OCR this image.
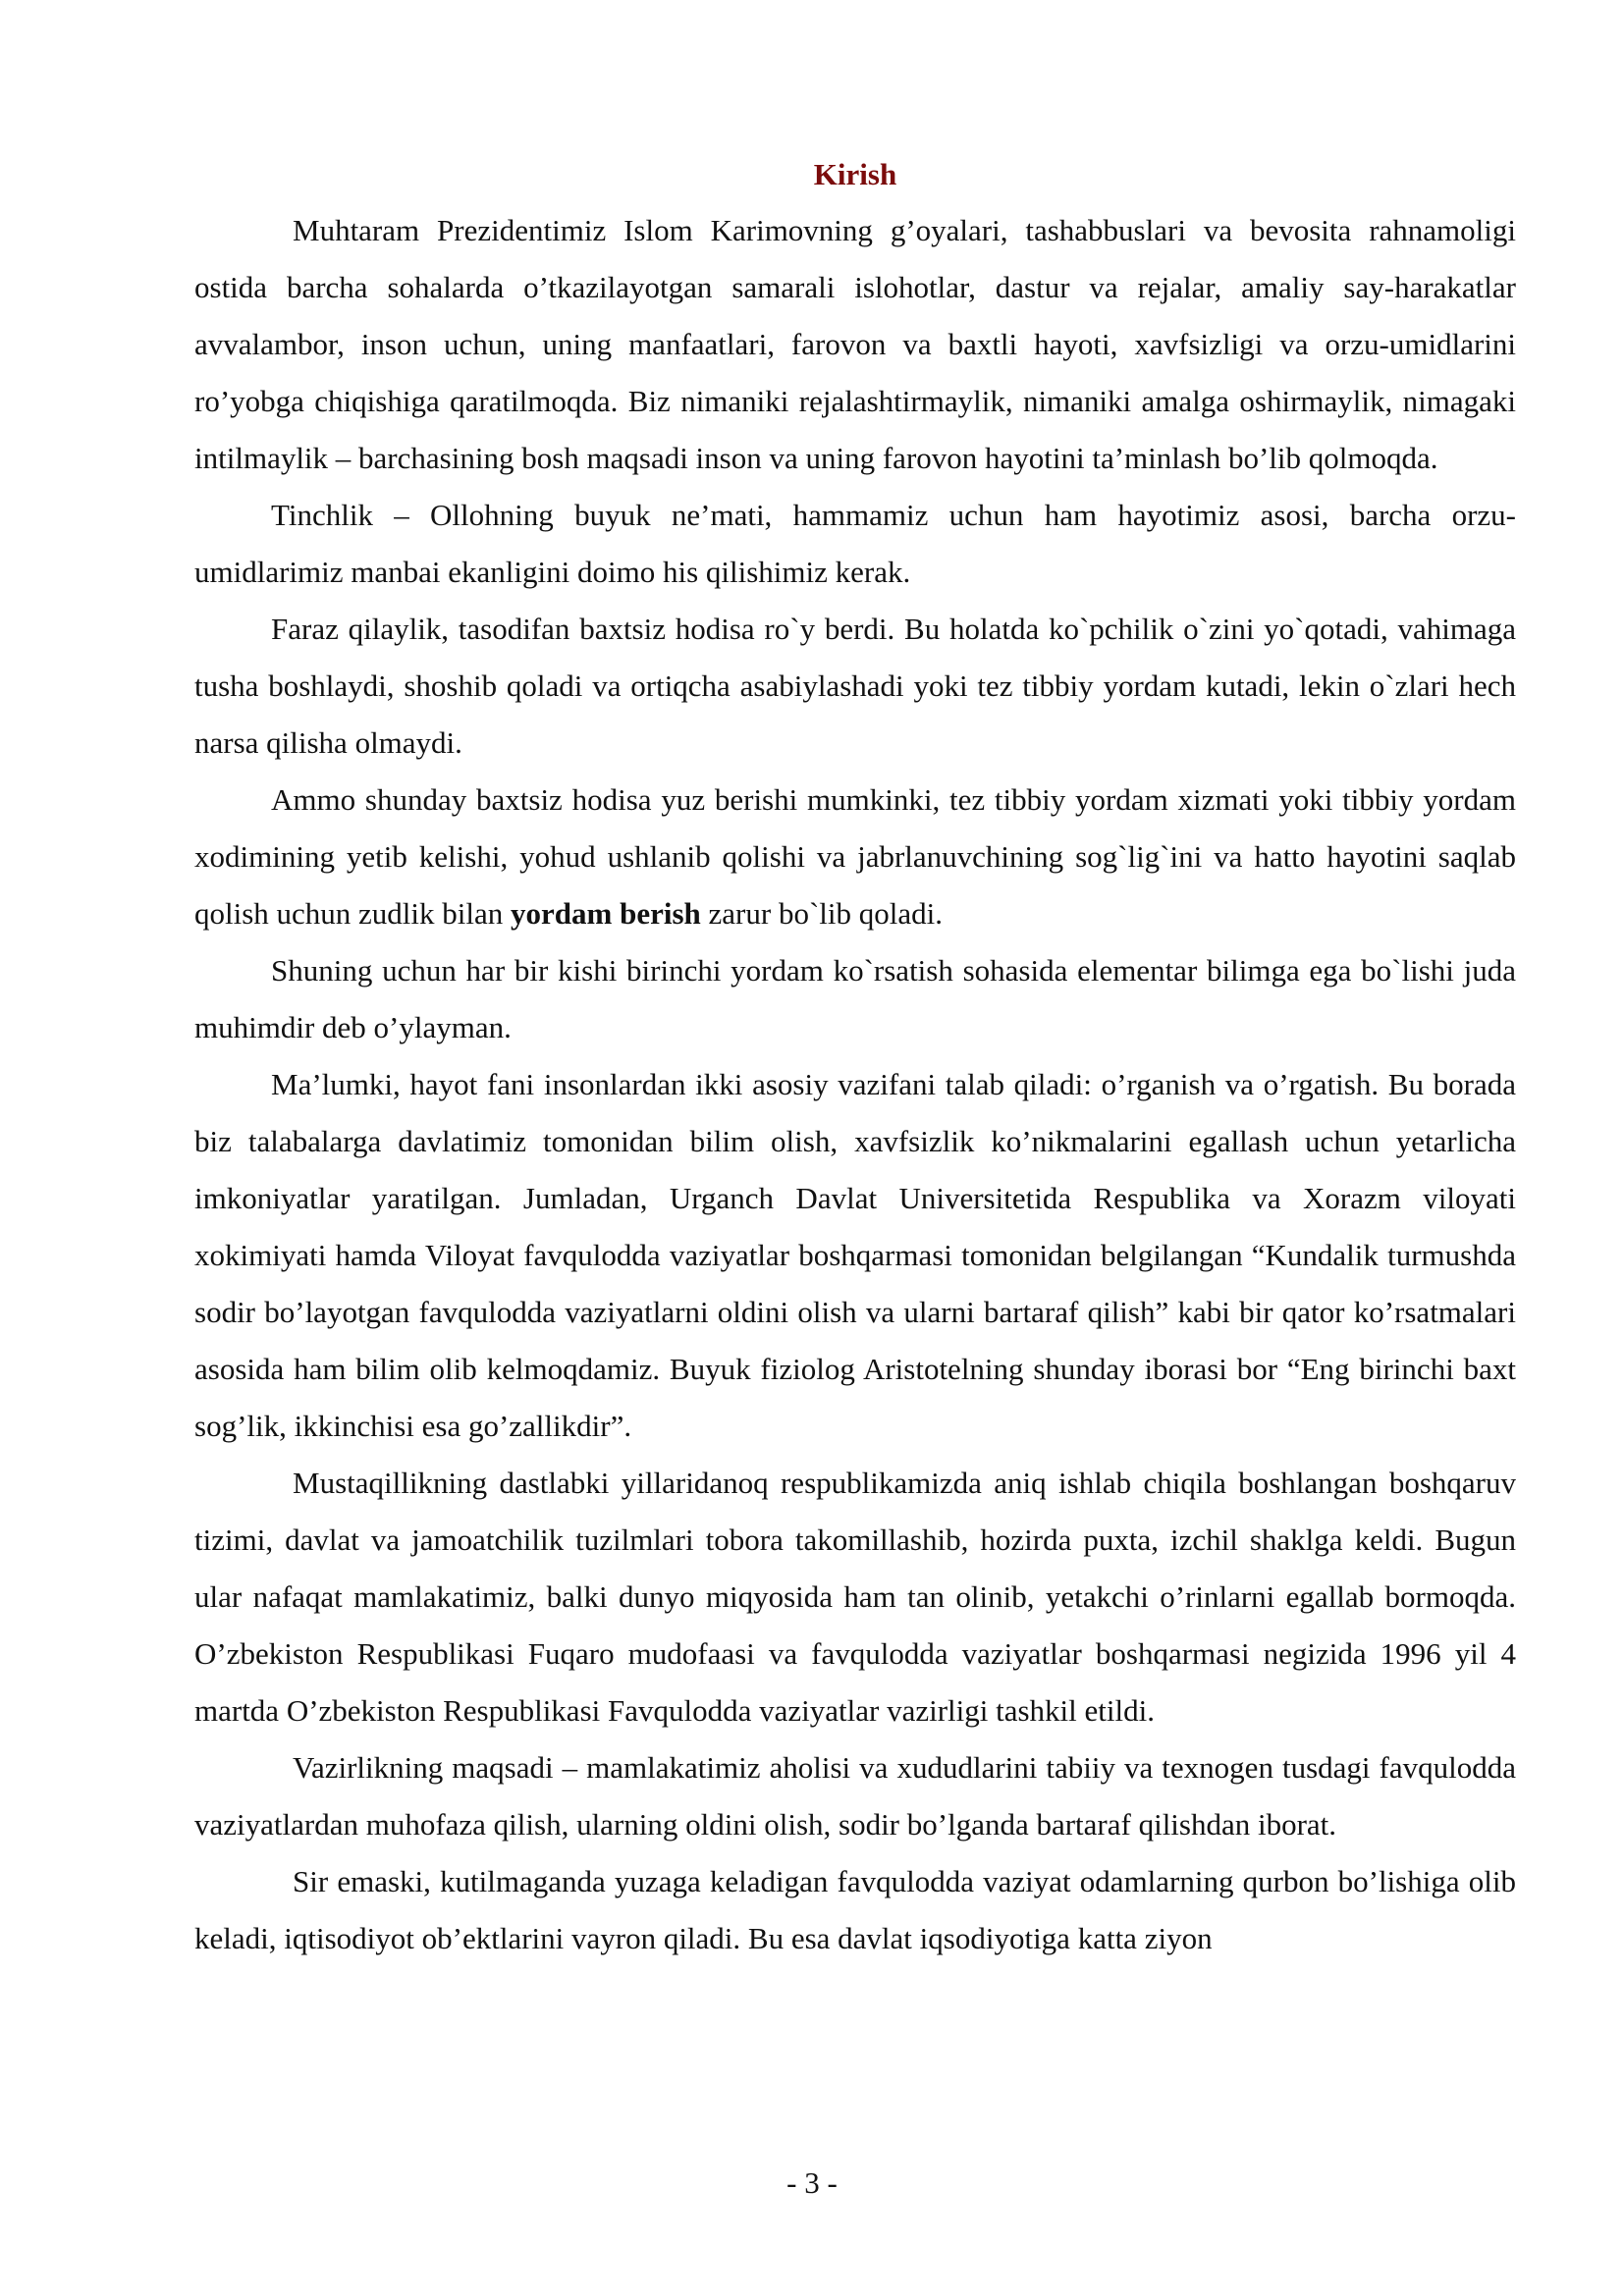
Kirish

Muhtaram Prezidentimiz Islom Karimovning g’oyalari, tashabbuslari va bevosita rahnamoligi ostida barcha sohalarda o’tkazilayotgan samarali islohotlar, dastur va rejalar, amaliy say-harakatlar avvalambor, inson uchun, uning manfaatlari, farovon va baxtli hayoti, xavfsizligi va orzu-umidlarini ro’yobga chiqishiga qaratilmoqda. Biz nimaniki rejalashtirmaylik, nimaniki amalga oshirmaylik, nimagaki intilmaylik – barchasining bosh maqsadi inson va uning farovon hayotini ta’minlash bo’lib qolmoqda.

Tinchlik – Ollohning buyuk ne’mati, hammamiz uchun ham hayotimiz asosi, barcha orzu-umidlarimiz manbai ekanligini doimo his qilishimiz kerak.

Faraz qilaylik, tasodifan baxtsiz hodisa ro`y berdi. Bu holatda ko`pchilik o`zini yo`qotadi, vahimaga tusha boshlaydi, shoshib qoladi va ortiqcha asabiylashadi yoki tez tibbiy yordam kutadi, lekin o`zlari hech narsa qilisha olmaydi.

Ammo shunday baxtsiz hodisa yuz berishi mumkinki, tez tibbiy yordam xizmati yoki tibbiy yordam xodimining yetib kelishi, yohud ushlanib qolishi va jabrlanuvchining sog`lig`ini va hatto hayotini saqlab qolish uchun zudlik bilan yordam berish zarur bo`lib qoladi.

Shuning uchun har bir kishi birinchi yordam ko`rsatish sohasida elementar bilimga ega bo`lishi juda muhimdir deb o’ylayman.

Ma’lumki, hayot fani insonlardan ikki asosiy vazifani talab qiladi: o’rganish va o’rgatish. Bu borada biz talabalarga davlatimiz tomonidan bilim olish, xavfsizlik ko’nikmalarini egallash uchun yetarlicha imkoniyatlar yaratilgan. Jumladan, Urganch Davlat Universitetida Respublika va Xorazm viloyati xokimiyati hamda Viloyat favqulodda vaziyatlar boshqarmasi tomonidan belgilangan “Kundalik turmushda sodir bo’layotgan favqulodda vaziyatlarni oldini olish va ularni bartaraf qilish” kabi bir qator ko’rsatmalari asosida ham bilim olib kelmoqdamiz. Buyuk fiziolog Aristotelning shunday iborasi bor “Eng birinchi baxt sog’lik, ikkinchisi esa go’zallikdir”.

Mustaqillikning dastlabki yillaridanoq respublikamizda aniq ishlab chiqila boshlangan boshqaruv tizimi, davlat va jamoatchilik tuzilmlari tobora takomillashib, hozirda puxta, izchil shaklga keldi. Bugun ular nafaqat mamlakatimiz, balki dunyo miqyosida ham tan olinib, yetakchi o’rinlarni egallab bormoqda. O’zbekiston Respublikasi Fuqaro mudofaasi va favqulodda vaziyatlar boshqarmasi negizida 1996 yil 4 martda O’zbekiston Respublikasi Favqulodda vaziyatlar vazirligi tashkil etildi.

Vazirlikning maqsadi – mamlakatimiz aholisi va xududlarini tabiiy va texnogen tusdagi favqulodda vaziyatlardan muhofaza qilish, ularning oldini olish, sodir bo’lganda bartaraf qilishdan iborat.

Sir emaski, kutilmaganda yuzaga keladigan favqulodda vaziyat odamlarning qurbon bo’lishiga olib keladi, iqtisodiyot ob’ektlarini vayron qiladi. Bu esa davlat iqsodiyotiga katta ziyon

- 3 -
